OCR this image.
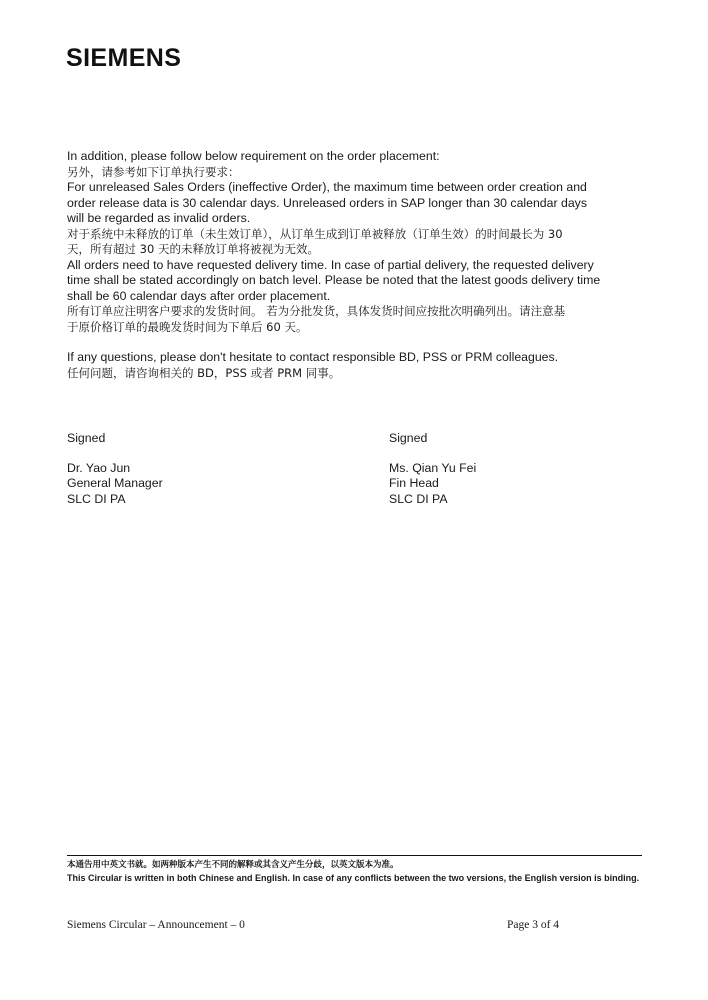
SIEMENS

In addition, please follow below requirement on the order placement:

另外，请参考如下订单执行要求：

For unreleased Sales Orders (ineffective Order), the maximum time between order creation and

order release data is 30 calendar days. Unreleased orders in SAP longer than 30 calendar days

will be regarded as invalid orders.

对于系统中未释放的订单（未生效订单），从订单生成到订单被释放（订单生效）的时间最长为 30

天，所有超过 30 天的未释放订单将被视为无效。

All orders need to have requested delivery time. In case of partial delivery, the requested delivery

time shall be stated accordingly on batch level. Please be noted that the latest goods delivery time

shall be 60 calendar days after order placement.

所有订单应注明客户要求的发货时间。 若为分批发货，具体发货时间应按批次明确列出。请注意基

于原价格订单的最晚发货时间为下单后 60 天。

If any questions, please don't hesitate to contact responsible BD, PSS or PRM colleagues.

任何问题，请咨询相关的 BD，PSS 或者 PRM 同事。

Signed

Dr. Yao Jun

General Manager

SLC DI PA

Signed

Ms. Qian Yu Fei

Fin Head

SLC DI PA

本通告用中英文书就。如两种版本产生不同的解释或其含义产生分歧，以英文版本为准。

This Circular is written in both Chinese and English. In case of any conflicts between the two versions, the English version is binding.

Siemens Circular – Announcement – 0	Page 3 of 4
